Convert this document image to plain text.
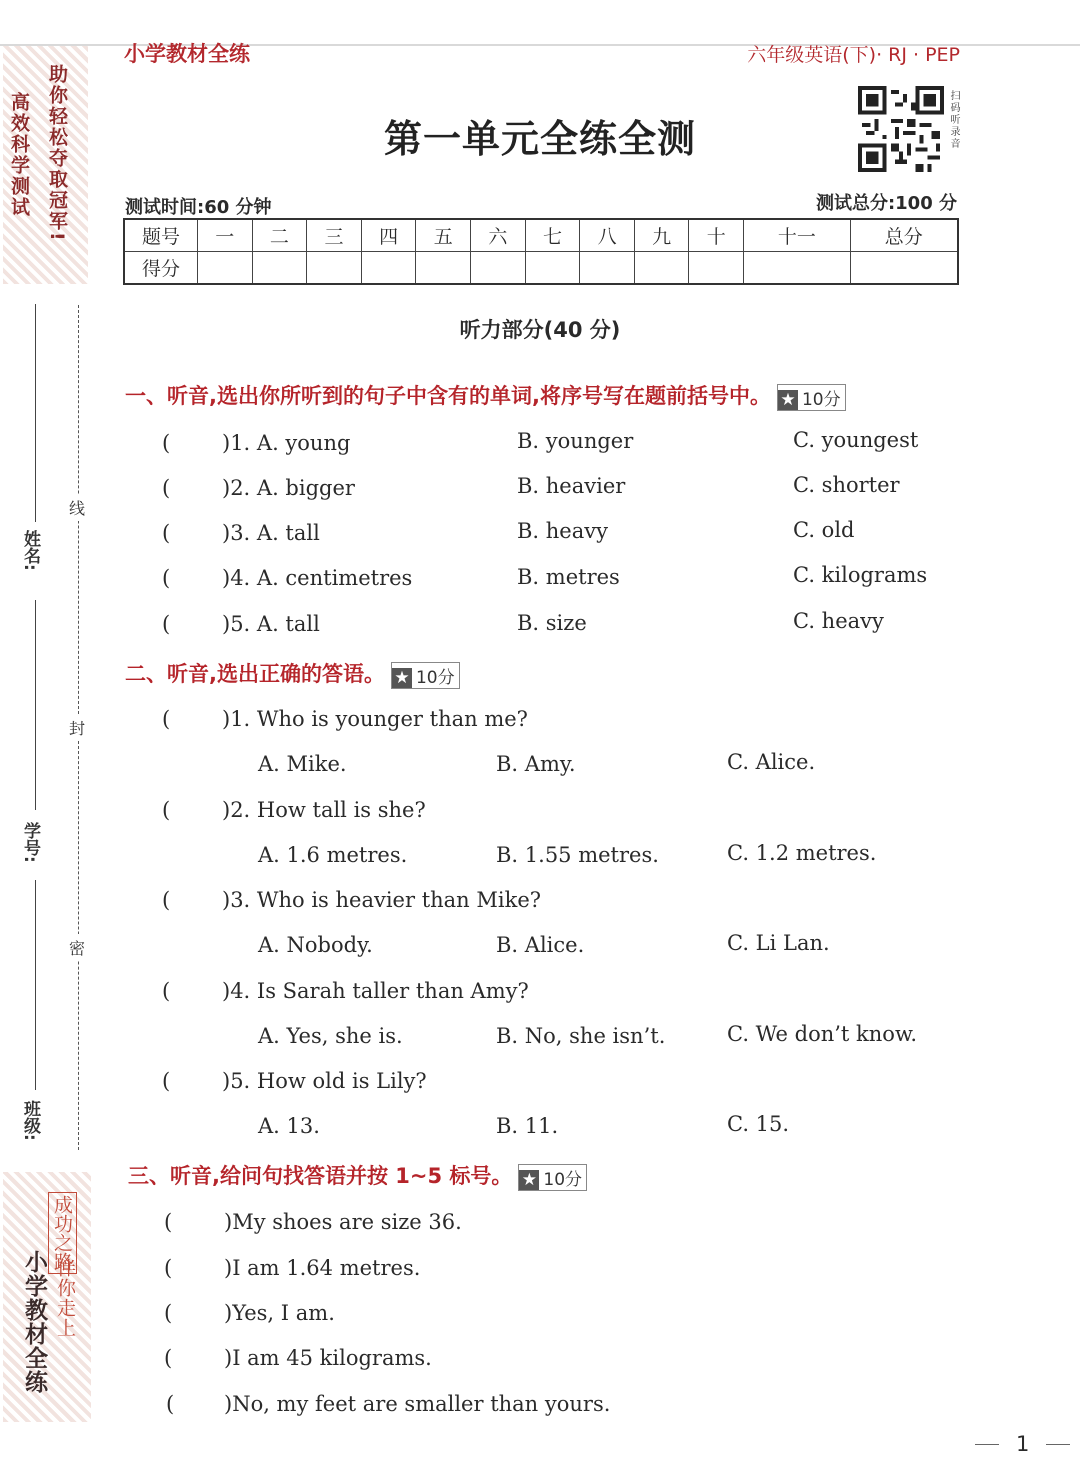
小学教材全练	六年级英语(下)· RJ · PEP
高效科学测试 助你轻松夺取冠军!
小学教材全练 伴你走上
成功之路
姓名:
学号:
班级:
线
封
密
第一单元全练全测	扫码听录音
测试时间:60 分钟	测试总分:100 分
题号	一	二	三	四	五	六	七	八	九	十	十一	总分
得分												
听力部分(40 分)
一、听音,选出你所听到的句子中含有的单词,将序号写在题前括号中。 ★ 10分
( )1. A. young	B. younger	C. youngest
( )2. A. bigger	B. heavier	C. shorter
( )3. A. tall	B. heavy	C. old
( )4. A. centimetres	B. metres	C. kilograms
( )5. A. tall	B. size	C. heavy
二、听音,选出正确的答语。 ★ 10分
( )1. Who is younger than me?
A. Mike.	B. Amy.	C. Alice.
( )2. How tall is she?
A. 1.6 metres.	B. 1.55 metres.	C. 1.2 metres.
( )3. Who is heavier than Mike?
A. Nobody.	B. Alice.	C. Li Lan.
( )4. Is Sarah taller than Amy?
A. Yes, she is.	B. No, she isn’t.	C. We don’t know.
( )5. How old is Lily?
A. 13.	B. 11.	C. 15.
三、听音,给问句找答语并按 1~5 标号。 ★ 10分
( )My shoes are size 36.
( )I am 1.64 metres.
( )Yes, I am.
( )I am 45 kilograms.
( )No, my feet are smaller than yours.
1
